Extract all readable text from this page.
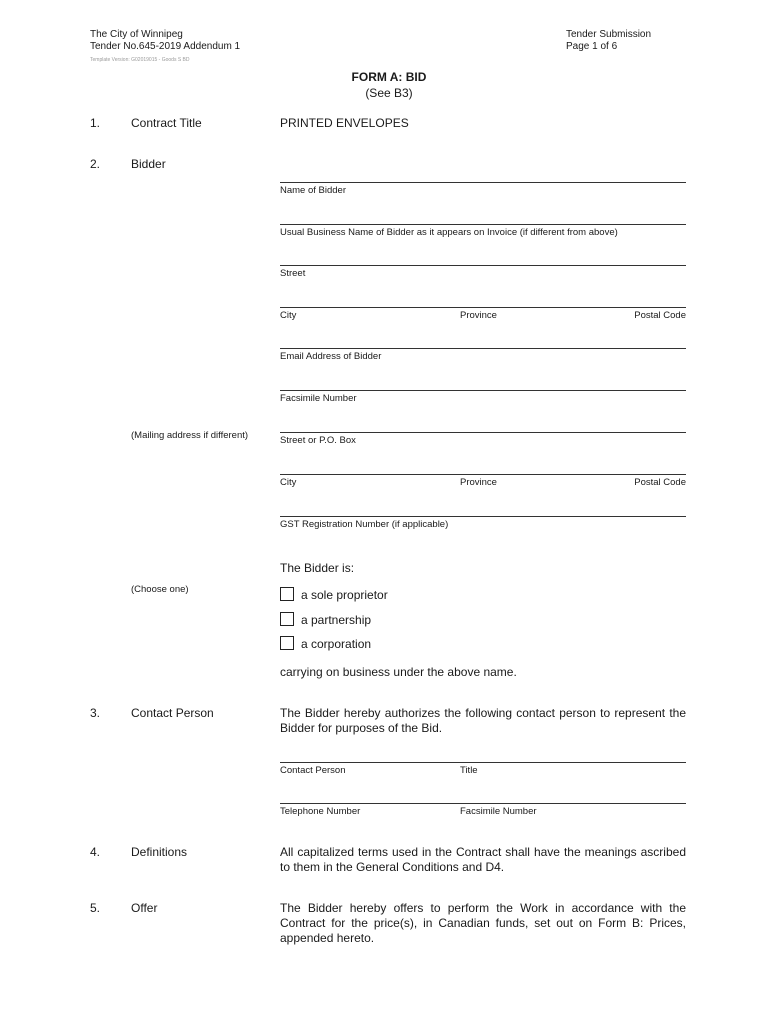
The City of Winnipeg
Tender No.645-2019 Addendum 1
Template Version: G02019015 - Goods S BD
Tender Submission
Page 1 of 6
FORM A: BID
(See B3)
1.	Contract Title	PRINTED ENVELOPES
2.	Bidder
Name of Bidder
Usual Business Name of Bidder as it appears on Invoice (if different from above)
Street
City	Province	Postal Code
Email Address of Bidder
Facsimile Number
(Mailing address if different)	Street or P.O. Box
City	Province	Postal Code
GST Registration Number (if applicable)
The Bidder is:
(Choose one)	a sole proprietor
a partnership
a corporation
carrying on business under the above name.
3.	Contact Person	The Bidder hereby authorizes the following contact person to represent the Bidder for purposes of the Bid.
Contact Person	Title
Telephone Number	Facsimile Number
4.	Definitions	All capitalized terms used in the Contract shall have the meanings ascribed to them in the General Conditions and D4.
5.	Offer	The Bidder hereby offers to perform the Work in accordance with the Contract for the price(s), in Canadian funds, set out on Form B: Prices, appended hereto.
